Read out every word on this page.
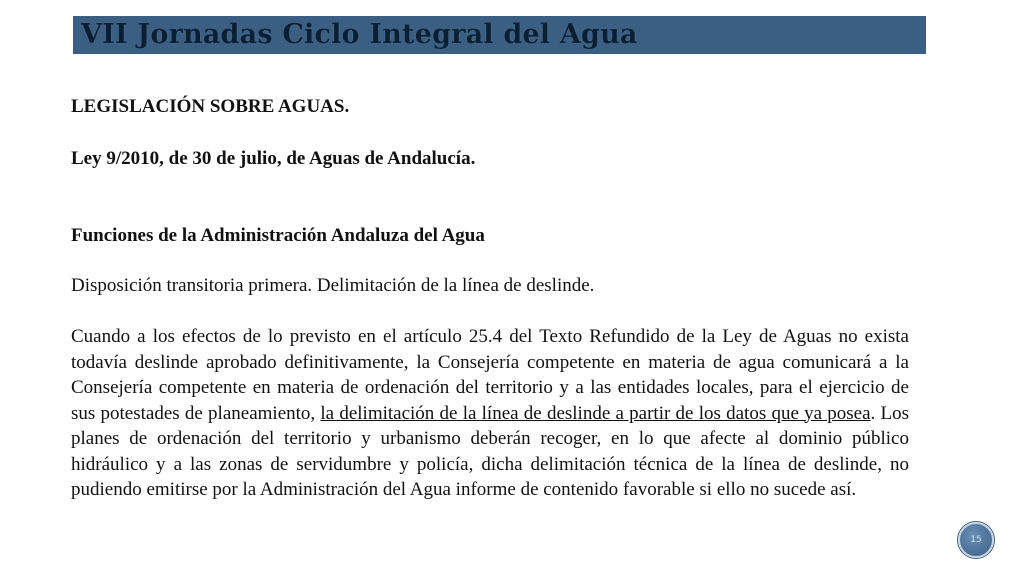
VII Jornadas Ciclo Integral del Agua
LEGISLACIÓN SOBRE AGUAS.
Ley 9/2010, de 30 de julio, de Aguas de Andalucía.
Funciones de la Administración Andaluza del Agua
Disposición transitoria primera. Delimitación de la línea de deslinde.
Cuando a los efectos de lo previsto en el artículo 25.4 del Texto Refundido de la Ley de Aguas no exista todavía deslinde aprobado definitivamente, la Consejería competente en materia de agua comunicará a la Consejería competente en materia de ordenación del territorio y a las entidades locales, para el ejercicio de sus potestades de planeamiento, la delimitación de la línea de deslinde a partir de los datos que ya posea. Los planes de ordenación del territorio y urbanismo deberán recoger, en lo que afecte al dominio público hidráulico y a las zonas de servidumbre y policía, dicha delimitación técnica de la línea de deslinde, no pudiendo emitirse por la Administración del Agua informe de contenido favorable si ello no sucede así.
15
